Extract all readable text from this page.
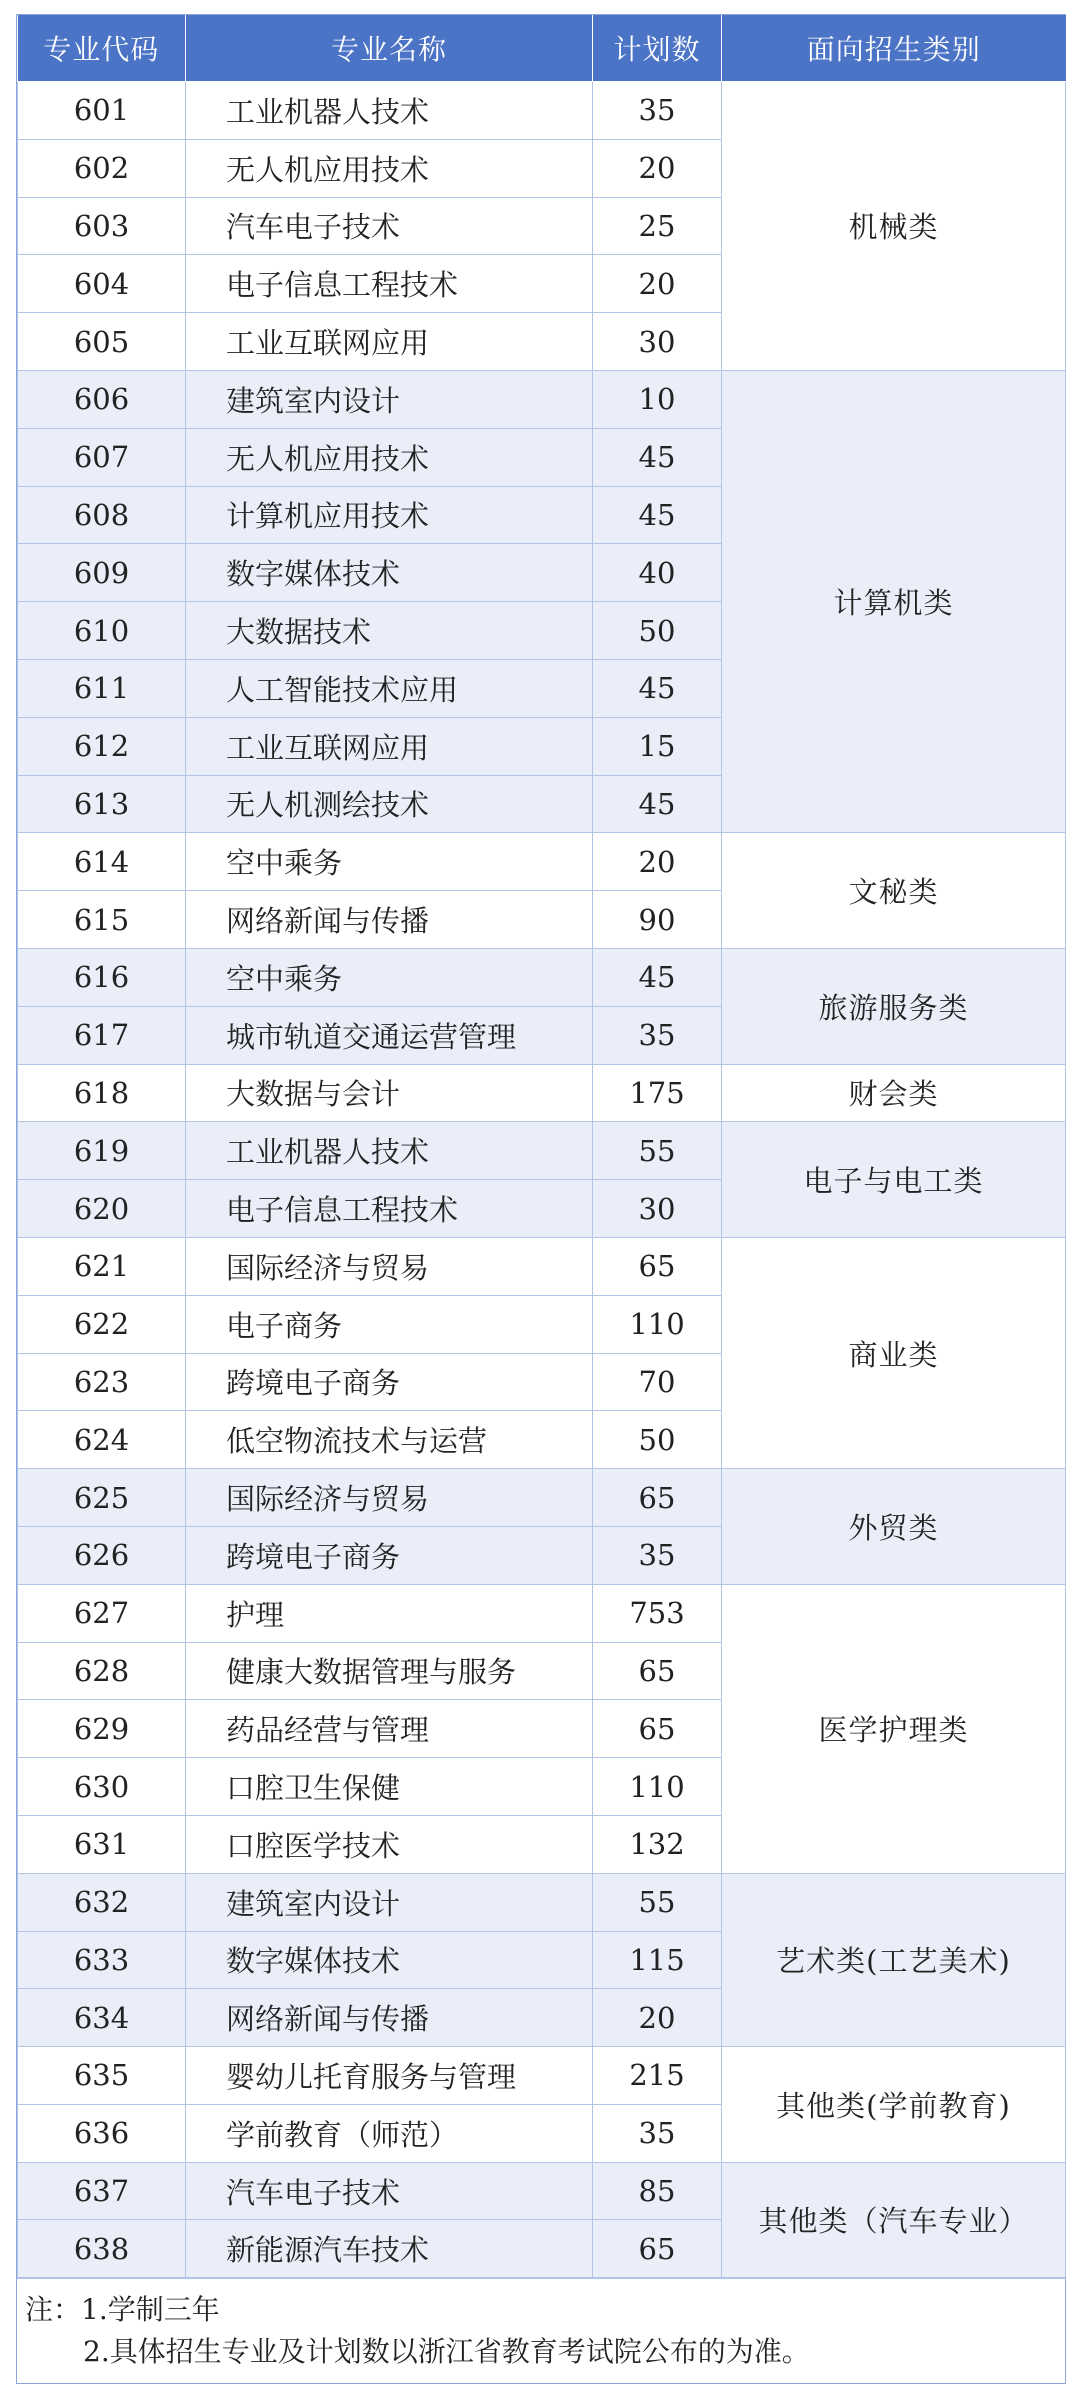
专业代码	专业名称	计划数	面向招生类别
601	工业机器人技术	35	机械类
602	无人机应用技术	20	
603	汽车电子技术	25	
604	电子信息工程技术	20	
605	工业互联网应用	30	
606	建筑室内设计	10	计算机类
607	无人机应用技术	45	
608	计算机应用技术	45	
609	数字媒体技术	40	
610	大数据技术	50	
611	人工智能技术应用	45	
612	工业互联网应用	15	
613	无人机测绘技术	45	
614	空中乘务	20	文秘类
615	网络新闻与传播	90	
616	空中乘务	45	旅游服务类
617	城市轨道交通运营管理	35	
618	大数据与会计	175	财会类
619	工业机器人技术	55	电子与电工类
620	电子信息工程技术	30	
621	国际经济与贸易	65	商业类
622	电子商务	110	
623	跨境电子商务	70	
624	低空物流技术与运营	50	
625	国际经济与贸易	65	外贸类
626	跨境电子商务	35	
627	护理	753	医学护理类
628	健康大数据管理与服务	65	
629	药品经营与管理	65	
630	口腔卫生保健	110	
631	口腔医学技术	132	
632	建筑室内设计	55	艺术类(工艺美术)
633	数字媒体技术	115	
634	网络新闻与传播	20	
635	婴幼儿托育服务与管理	215	其他类(学前教育)
636	学前教育（师范）	35	
637	汽车电子技术	85	其他类（汽车专业）
638	新能源汽车技术	65	
注：1.学制三年
2.具体招生专业及计划数以浙江省教育考试院公布的为准。
